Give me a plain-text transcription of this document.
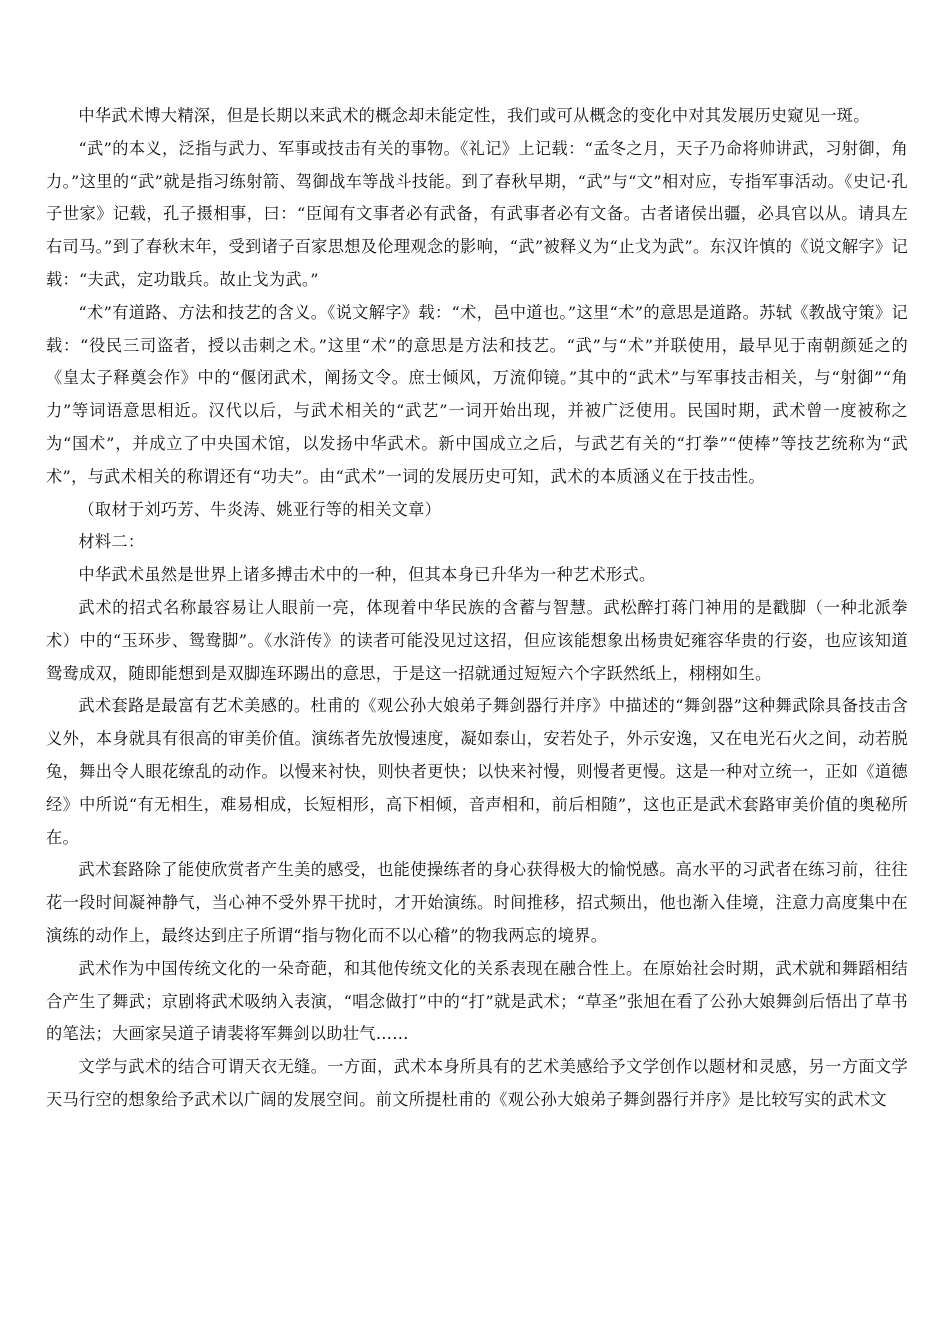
中华武术博大精深，但是长期以来武术的概念却未能定性，我们或可从概念的变化中对其发展历史窥见一斑。

“武”的本义，泛指与武力、军事或技击有关的事物。《礼记》上记载：“孟冬之月，天子乃命将帅讲武，习射御，角力。”这里的“武”就是指习练射箭、驾御战车等战斗技能。到了春秋早期，“武”与“文”相对应，专指军事活动。《史记·孔子世家》记载，孔子摄相事，曰：“臣闻有文事者必有武备，有武事者必有文备。古者诸侯出疆，必具官以从。请具左右司马。”到了春秋末年，受到诸子百家思想及伦理观念的影响，“武”被释义为“止戈为武”。东汉许慎的《说文解字》记载：“夫武，定功戢兵。故止戈为武。”

“术”有道路、方法和技艺的含义。《说文解字》载：“术，邑中道也。”这里“术”的意思是道路。苏轼《教战守策》记载：“役民三司盗者，授以击刺之术。”这里“术”的意思是方法和技艺。“武”与“术”并联使用，最早见于南朝颜延之的《皇太子释奠会作》中的“偃闭武术，阐扬文令。庶士倾风，万流仰镜。”其中的“武术”与军事技击相关，与“射御”“角力”等词语意思相近。汉代以后，与武术相关的“武艺”一词开始出现，并被广泛使用。民国时期，武术曾一度被称之为“国术”，并成立了中央国术馆，以发扬中华武术。新中国成立之后，与武艺有关的“打拳”“使棒”等技艺统称为“武术”，与武术相关的称谓还有“功夫”。由“武术”一词的发展历史可知，武术的本质涵义在于技击性。

（取材于刘巧芳、牛炎涛、姚亚行等的相关文章）

材料二：

中华武术虽然是世界上诸多搏击术中的一种，但其本身已升华为一种艺术形式。

武术的招式名称最容易让人眼前一亮，体现着中华民族的含蓄与智慧。武松醉打蒋门神用的是戳脚（一种北派拳术）中的“玉环步、鸳鸯脚”。《水浒传》的读者可能没见过这招，但应该能想象出杨贵妃雍容华贵的行姿，也应该知道鸳鸯成双，随即能想到是双脚连环踢出的意思，于是这一招就通过短短六个字跃然纸上，栩栩如生。

武术套路是最富有艺术美感的。杜甫的《观公孙大娘弟子舞剑器行并序》中描述的“舞剑器”这种舞武除具备技击含义外，本身就具有很高的审美价值。演练者先放慢速度，凝如泰山，安若处子，外示安逸，又在电光石火之间，动若脱兔，舞出令人眼花缭乱的动作。以慢来衬快，则快者更快；以快来衬慢，则慢者更慢。这是一种对立统一，正如《道德经》中所说“有无相生，难易相成，长短相形，高下相倾，音声相和，前后相随”，这也正是武术套路审美价值的奥秘所在。

武术套路除了能使欣赏者产生美的感受，也能使操练者的身心获得极大的愉悦感。高水平的习武者在练习前，往往花一段时间凝神静气，当心神不受外界干扰时，才开始演练。时间推移，招式频出，他也渐入佳境，注意力高度集中在演练的动作上，最终达到庄子所谓“指与物化而不以心稽”的物我两忘的境界。

武术作为中国传统文化的一朵奇葩，和其他传统文化的关系表现在融合性上。在原始社会时期，武术就和舞蹈相结合产生了舞武；京剧将武术吸纳入表演，“唱念做打”中的“打”就是武术；“草圣”张旭在看了公孙大娘舞剑后悟出了草书的笔法；大画家吴道子请裴将军舞剑以助壮气……

文学与武术的结合可谓天衣无缝。一方面，武术本身所具有的艺术美感给予文学创作以题材和灵感，另一方面文学天马行空的想象给予武术以广阔的发展空间。前文所提杜甫的《观公孙大娘弟子舞剑器行并序》是比较写实的武术文
